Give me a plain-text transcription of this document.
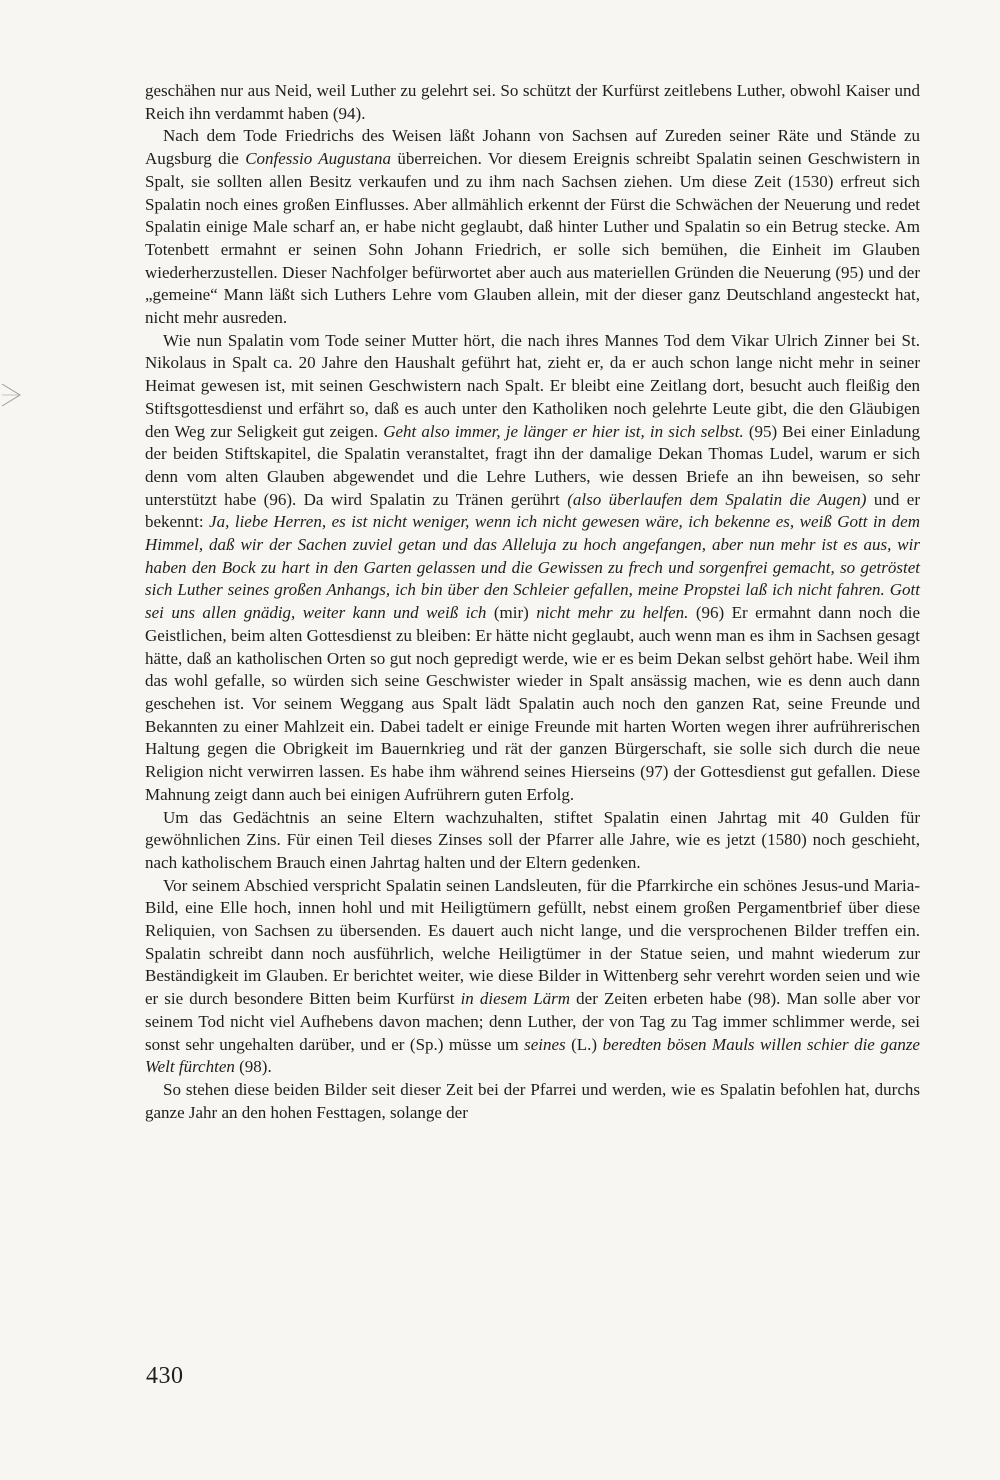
geschähen nur aus Neid, weil Luther zu gelehrt sei. So schützt der Kurfürst zeitlebens Luther, obwohl Kaiser und Reich ihn verdammt haben (94).

Nach dem Tode Friedrichs des Weisen läßt Johann von Sachsen auf Zureden seiner Räte und Stände zu Augsburg die Confessio Augustana überreichen. Vor diesem Ereignis schreibt Spalatin seinen Geschwistern in Spalt, sie sollten allen Besitz verkaufen und zu ihm nach Sachsen ziehen. Um diese Zeit (1530) erfreut sich Spalatin noch eines großen Einflusses. Aber allmählich erkennt der Fürst die Schwächen der Neuerung und redet Spalatin einige Male scharf an, er habe nicht geglaubt, daß hinter Luther und Spalatin so ein Betrug stecke. Am Totenbett ermahnt er seinen Sohn Johann Friedrich, er solle sich bemühen, die Einheit im Glauben wiederherzustellen. Dieser Nachfolger befürwortet aber auch aus materiellen Gründen die Neuerung (95) und der „gemeine“ Mann läßt sich Luthers Lehre vom Glauben allein, mit der dieser ganz Deutschland angesteckt hat, nicht mehr ausreden.

Wie nun Spalatin vom Tode seiner Mutter hört, die nach ihres Mannes Tod dem Vikar Ulrich Zinner bei St. Nikolaus in Spalt ca. 20 Jahre den Haushalt geführt hat, zieht er, da er auch schon lange nicht mehr in seiner Heimat gewesen ist, mit seinen Geschwistern nach Spalt. Er bleibt eine Zeitlang dort, besucht auch fleißig den Stiftsgottesdienst und erfährt so, daß es auch unter den Katholiken noch gelehrte Leute gibt, die den Gläubigen den Weg zur Seligkeit gut zeigen. Geht also immer, je länger er hier ist, in sich selbst. (95) Bei einer Einladung der beiden Stiftskapitel, die Spalatin veranstaltet, fragt ihn der damalige Dekan Thomas Ludel, warum er sich denn vom alten Glauben abgewendet und die Lehre Luthers, wie dessen Briefe an ihn beweisen, so sehr unterstützt habe (96). Da wird Spalatin zu Tränen gerührt (also überlaufen dem Spalatin die Augen) und er bekennt: Ja, liebe Herren, es ist nicht weniger, wenn ich nicht gewesen wäre, ich bekenne es, weiß Gott in dem Himmel, daß wir der Sachen zuviel getan und das Alleluja zu hoch angefangen, aber nun mehr ist es aus, wir haben den Bock zu hart in den Garten gelassen und die Gewissen zu frech und sorgenfrei gemacht, so getröstet sich Luther seines großen Anhangs, ich bin über den Schleier gefallen, meine Propstei laß ich nicht fahren. Gott sei uns allen gnädig, weiter kann und weiß ich (mir) nicht mehr zu helfen. (96) Er ermahnt dann noch die Geistlichen, beim alten Gottesdienst zu bleiben: Er hätte nicht geglaubt, auch wenn man es ihm in Sachsen gesagt hätte, daß an katholischen Orten so gut noch gepredigt werde, wie er es beim Dekan selbst gehört habe. Weil ihm das wohl gefalle, so würden sich seine Geschwister wieder in Spalt ansässig machen, wie es denn auch dann geschehen ist. Vor seinem Weggang aus Spalt lädt Spalatin auch noch den ganzen Rat, seine Freunde und Bekannten zu einer Mahlzeit ein. Dabei tadelt er einige Freunde mit harten Worten wegen ihrer aufrührerischen Haltung gegen die Obrigkeit im Bauernkrieg und rät der ganzen Bürgerschaft, sie solle sich durch die neue Religion nicht verwirren lassen. Es habe ihm während seines Hierseins (97) der Gottesdienst gut gefallen. Diese Mahnung zeigt dann auch bei einigen Aufrührern guten Erfolg.

Um das Gedächtnis an seine Eltern wachzuhalten, stiftet Spalatin einen Jahrtag mit 40 Gulden für gewöhnlichen Zins. Für einen Teil dieses Zinses soll der Pfarrer alle Jahre, wie es jetzt (1580) noch geschieht, nach katholischem Brauch einen Jahrtag halten und der Eltern gedenken.

Vor seinem Abschied verspricht Spalatin seinen Landsleuten, für die Pfarrkirche ein schönes Jesus-und Maria-Bild, eine Elle hoch, innen hohl und mit Heiligtümern gefüllt, nebst einem großen Pergamentbrief über diese Reliquien, von Sachsen zu übersenden. Es dauert auch nicht lange, und die versprochenen Bilder treffen ein. Spalatin schreibt dann noch ausführlich, welche Heiligtümer in der Statue seien, und mahnt wiederum zur Beständigkeit im Glauben. Er berichtet weiter, wie diese Bilder in Wittenberg sehr verehrt worden seien und wie er sie durch besondere Bitten beim Kurfürst in diesem Lärm der Zeiten erbeten habe (98). Man solle aber vor seinem Tod nicht viel Aufhebens davon machen; denn Luther, der von Tag zu Tag immer schlimmer werde, sei sonst sehr ungehalten darüber, und er (Sp.) müsse um seines (L.) beredten bösen Mauls willen schier die ganze Welt fürchten (98).

So stehen diese beiden Bilder seit dieser Zeit bei der Pfarrei und werden, wie es Spalatin befohlen hat, durchs ganze Jahr an den hohen Festtagen, solange der

430
